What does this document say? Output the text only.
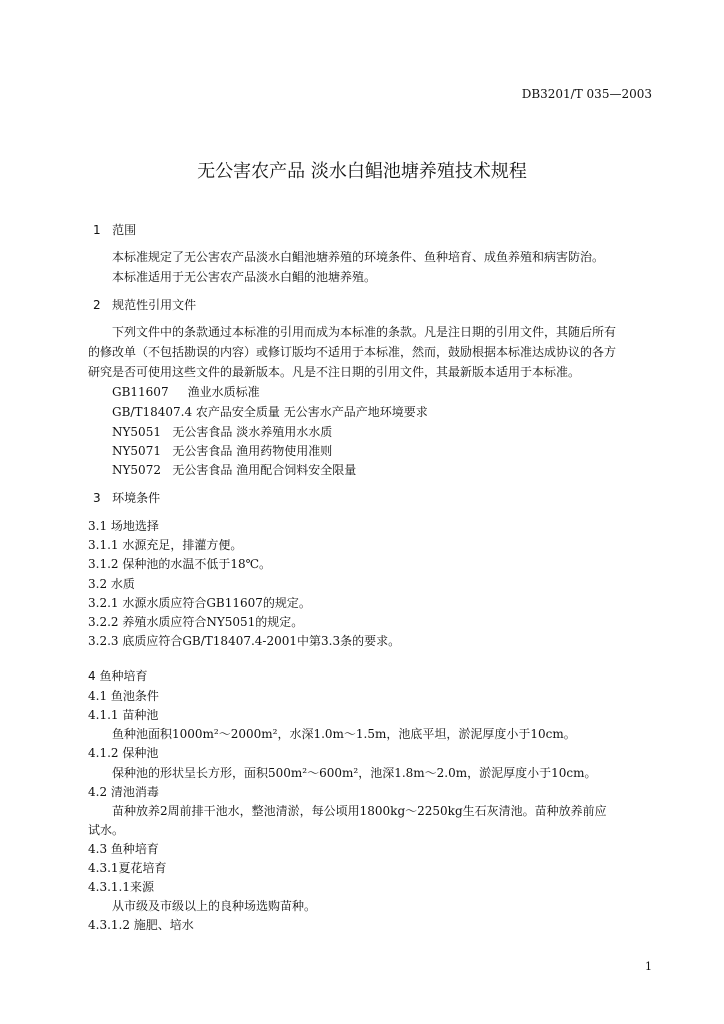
DB3201/T 035—2003
无公害农产品 淡水白鲳池塘养殖技术规程
1   范围
本标准规定了无公害农产品淡水白鲳池塘养殖的环境条件、鱼种培育、成鱼养殖和病害防治。
本标准适用于无公害农产品淡水白鲳的池塘养殖。
2   规范性引用文件
下列文件中的条款通过本标准的引用而成为本标准的条款。凡是注日期的引用文件，其随后所有
的修改单（不包括勘误的内容）或修订版均不适用于本标准，然而，鼓励根据本标准达成协议的各方
研究是否可使用这些文件的最新版本。凡是不注日期的引用文件，其最新版本适用于本标准。
GB11607     渔业水质标准
GB/T18407.4 农产品安全质量 无公害水产品产地环境要求
NY5051   无公害食品 淡水养殖用水水质
NY5071   无公害食品 渔用药物使用准则
NY5072   无公害食品 渔用配合饲料安全限量
3   环境条件
3.1 场地选择
3.1.1 水源充足，排灌方便。
3.1.2 保种池的水温不低于18℃。
3.2 水质
3.2.1 水源水质应符合GB11607的规定。
3.2.2 养殖水质应符合NY5051的规定。
3.2.3 底质应符合GB/T18407.4-2001中第3.3条的要求。
4 鱼种培育
4.1 鱼池条件
4.1.1 苗种池
鱼种池面积1000m²～2000m²，水深1.0m～1.5m，池底平坦，淤泥厚度小于10cm。
4.1.2 保种池
保种池的形状呈长方形，面积500m²～600m²，池深1.8m～2.0m，淤泥厚度小于10cm。
4.2 清池消毒
苗种放养2周前排干池水，整池清淤，每公顷用1800kg～2250kg生石灰清池。苗种放养前应
试水。
4.3 鱼种培育
4.3.1夏花培育
4.3.1.1来源
从市级及市级以上的良种场选购苗种。
4.3.1.2 施肥、培水
1
